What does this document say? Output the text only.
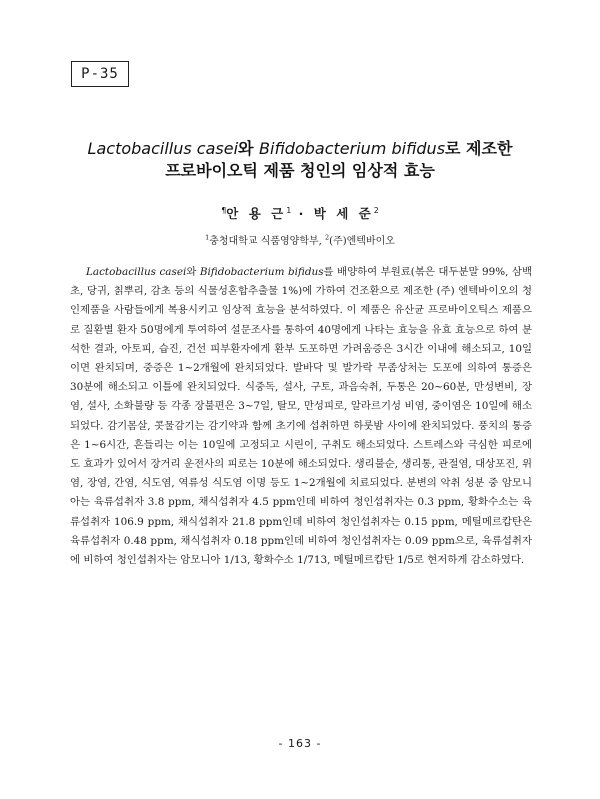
P-35
Lactobacillus casei와 Bifidobacterium bifidus로 제조한
프로바이오틱 제품 청인의 임상적 효능
¶안 용 근$^1$ · 박 세 준$^2$
$^1$충청대학교 식품영양학부, $^2$(주)엔텍바이오
Lactobacillus casei와 Bifidobacterium bifidus를 배양하여 부원료(볶은 대두분말 99%, 삼백초, 당귀, 칡뿌리, 감초 등의 식물성혼합추출물 1%)에 가하여 건조환으로 제조한 (주) 엔텍바이오의 청인제품을 사람들에게 복용시키고 임상적 효능을 분석하였다. 이 제품은 유산균 프로바이오틱스 제품으로 질환별 환자 50명에게 투여하여 설문조사를 통하여 40명에게 나타는 효능을 유효 효능으로 하여 분석한 결과, 아토피, 습진, 건선 피부환자에게 환부 도포하면 가려움증은 3시간 이내에 해소되고, 10일이면 완치되며, 중증은 1~2개월에 완치되었다. 발바닥 및 발가락 무좀상처는 도포에 의하여 통증은 30분에 해소되고 이틀에 완치되었다. 식중독, 설사, 구토, 과음숙취, 두통은 20~60분, 만성변비, 장염, 설사, 소화불량 등 각종 장불편은 3~7일, 탈모, 만성피로, 알라르기성 비염, 중이염은 10일에 해소되었다. 감기몸살, 콧물감기는 감기약과 함께 초기에 섭취하면 하룻밤 사이에 완치되었다. 풍치의 통증은 1~6시간, 흔들리는 이는 10일에 고정되고 시린이, 구취도 해소되었다. 스트레스와 극심한 피로에도 효과가 있어서 장거리 운전사의 피로는 10분에 해소되었다. 생리불순, 생리통, 관절염, 대상포진, 위염, 장염, 간염, 식도염, 역류성 식도염 이명 등도 1~2개월에 치료되었다. 분변의 악취 성분 중 암모니아는 육류섭취자 3.8 ppm, 채식섭취자 4.5 ppm인데 비하여 청인섭취자는 0.3 ppm, 황화수소는 육류섭취자 106.9 ppm, 채식섭취자 21.8 ppm인데 비하여 청인섭취자는 0.15 ppm, 메틸메르캅탄은 육류섭취자 0.48 ppm, 채식섭취자 0.18 ppm인데 비하여 청인섭취자는 0.09 ppm으로, 육류섭취자에 비하여 청인섭취자는 암모니아 1/13, 황화수소 1/713, 메틸메르캅탄 1/5로 현저하게 감소하였다.
- 163 -
